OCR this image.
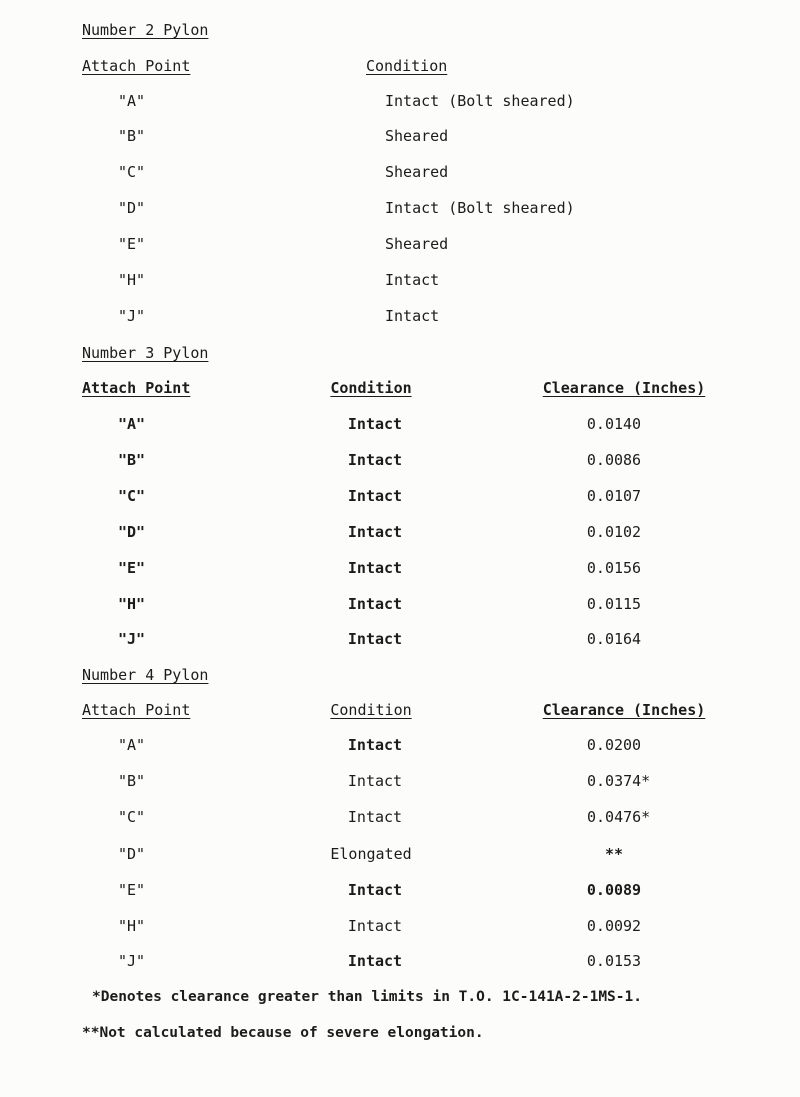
Number 2 Pylon
Attach Point	Condition
"A"	Intact (Bolt sheared)
"B"	Sheared
"C"	Sheared
"D"	Intact (Bolt sheared)
"E"	Sheared
"H"	Intact
"J"	Intact
Number 3 Pylon
Attach Point	Condition	Clearance (Inches)
"A"	Intact	0.0140
"B"	Intact	0.0086
"C"	Intact	0.0107
"D"	Intact	0.0102
"E"	Intact	0.0156
"H"	Intact	0.0115
"J"	Intact	0.0164
Number 4 Pylon
Attach Point	Condition	Clearance (Inches)
"A"	Intact	0.0200
"B"	Intact	0.0374*
"C"	Intact	0.0476*
"D"	Elongated	**
"E"	Intact	0.0089
"H"	Intact	0.0092
"J"	Intact	0.0153
*Denotes clearance greater than limits in T.O. 1C-141A-2-1MS-1.
**Not calculated because of severe elongation.
